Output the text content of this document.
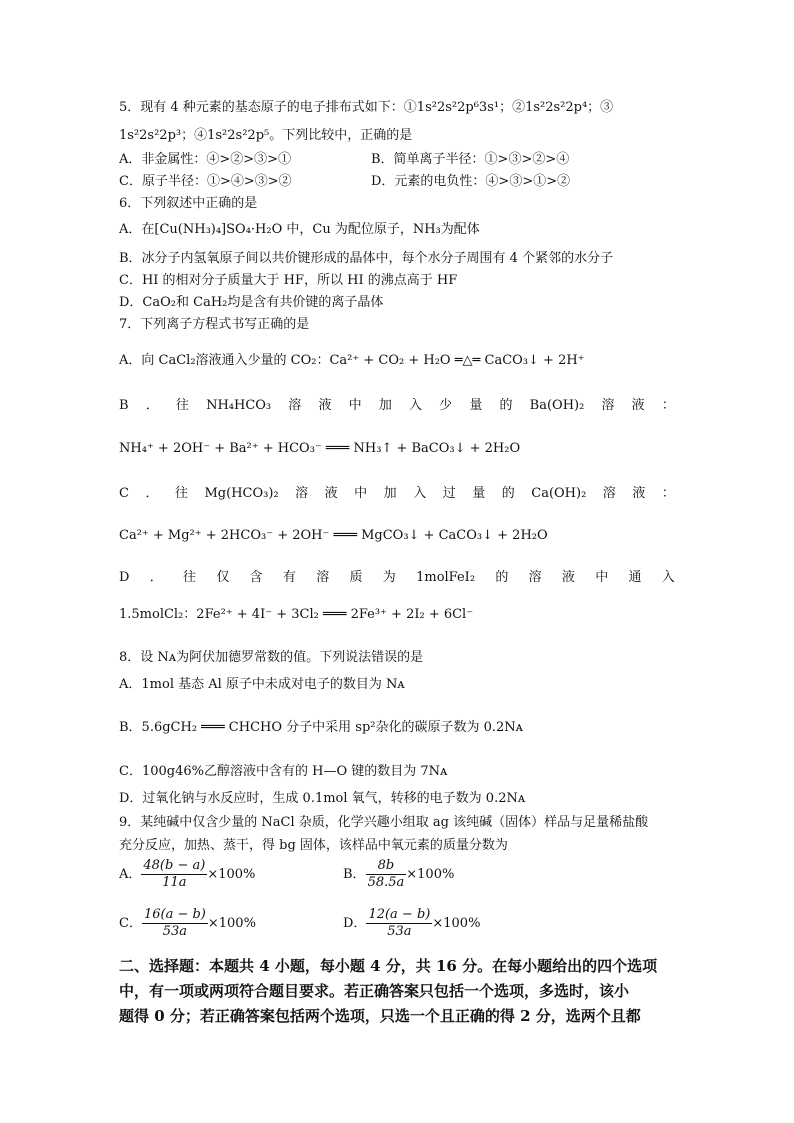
5．现有 4 种元素的基态原子的电子排布式如下：①1s²2s²2p⁶3s¹；②1s²2s²2p⁴；③
1s²2s²2p³；④1s²2s²2p⁵。下列比较中，正确的是
A．非金属性：④>②>③>①	B．简单离子半径：①>③>②>④
C．原子半径：①>④>③>②	D．元素的电负性：④>③>①>②
6．下列叙述中正确的是
A．在[Cu(NH₃)₄]SO₄·H₂O 中，Cu 为配位原子，NH₃为配体
B．冰分子内氢氧原子间以共价键形成的晶体中，每个水分子周围有 4 个紧邻的水分子
C．HI 的相对分子质量大于 HF，所以 HI 的沸点高于 HF
D．CaO₂和 CaH₂均是含有共价键的离子晶体
7．下列离子方程式书写正确的是
A．向 CaCl₂溶液通入少量的 CO₂：Ca²⁺ + CO₂ + H₂O ═△═ CaCO₃↓ + 2H⁺
B ． 往 NH₄HCO₃ 溶 液 中 加 入 少 量 的 Ba(OH)₂ 溶 液 ：
NH₄⁺ + 2OH⁻ + Ba²⁺ + HCO₃⁻ ═══ NH₃↑ + BaCO₃↓ + 2H₂O
C ． 往 Mg(HCO₃)₂ 溶 液 中 加 入 过 量 的 Ca(OH)₂ 溶 液 ：
Ca²⁺ + Mg²⁺ + 2HCO₃⁻ + 2OH⁻ ═══ MgCO₃↓ + CaCO₃↓ + 2H₂O
D ． 往 仅 含 有 溶 质 为 1molFeI₂ 的 溶 液 中 通 入
1.5molCl₂：2Fe²⁺ + 4I⁻ + 3Cl₂ ═══ 2Fe³⁺ + 2I₂ + 6Cl⁻
8．设 Nᴀ为阿伏加德罗常数的值。下列说法错误的是
A．1mol 基态 Al 原子中未成对电子的数目为 Nᴀ
B．5.6gCH₂ ═══ CHCHO 分子中采用 sp²杂化的碳原子数为 0.2Nᴀ
C．100g46%乙醇溶液中含有的 H—O 键的数目为 7Nᴀ
D．过氧化钠与水反应时，生成 0.1mol 氧气，转移的电子数为 0.2Nᴀ
9．某纯碱中仅含少量的 NaCl 杂质，化学兴趣小组取 ag 该纯碱（固体）样品与足量稀盐酸
充分反应，加热、蒸干，得 bg 固体，该样品中氧元素的质量分数为
A． $\frac{48(b - a)}{11a} \times 100\%$	B． $\frac{8b}{58.5a} \times 100\%$
C． $\frac{16(a - b)}{53a} \times 100\%$	D． $\frac{12(a - b)}{53a} \times 100\%$
二、选择题：本题共 4 小题，每小题 4 分，共 16 分。在每小题给出的四个选项
中，有一项或两项符合题目要求。若正确答案只包括一个选项，多选时，该小
题得 0 分；若正确答案包括两个选项，只选一个且正确的得 2 分，选两个且都
